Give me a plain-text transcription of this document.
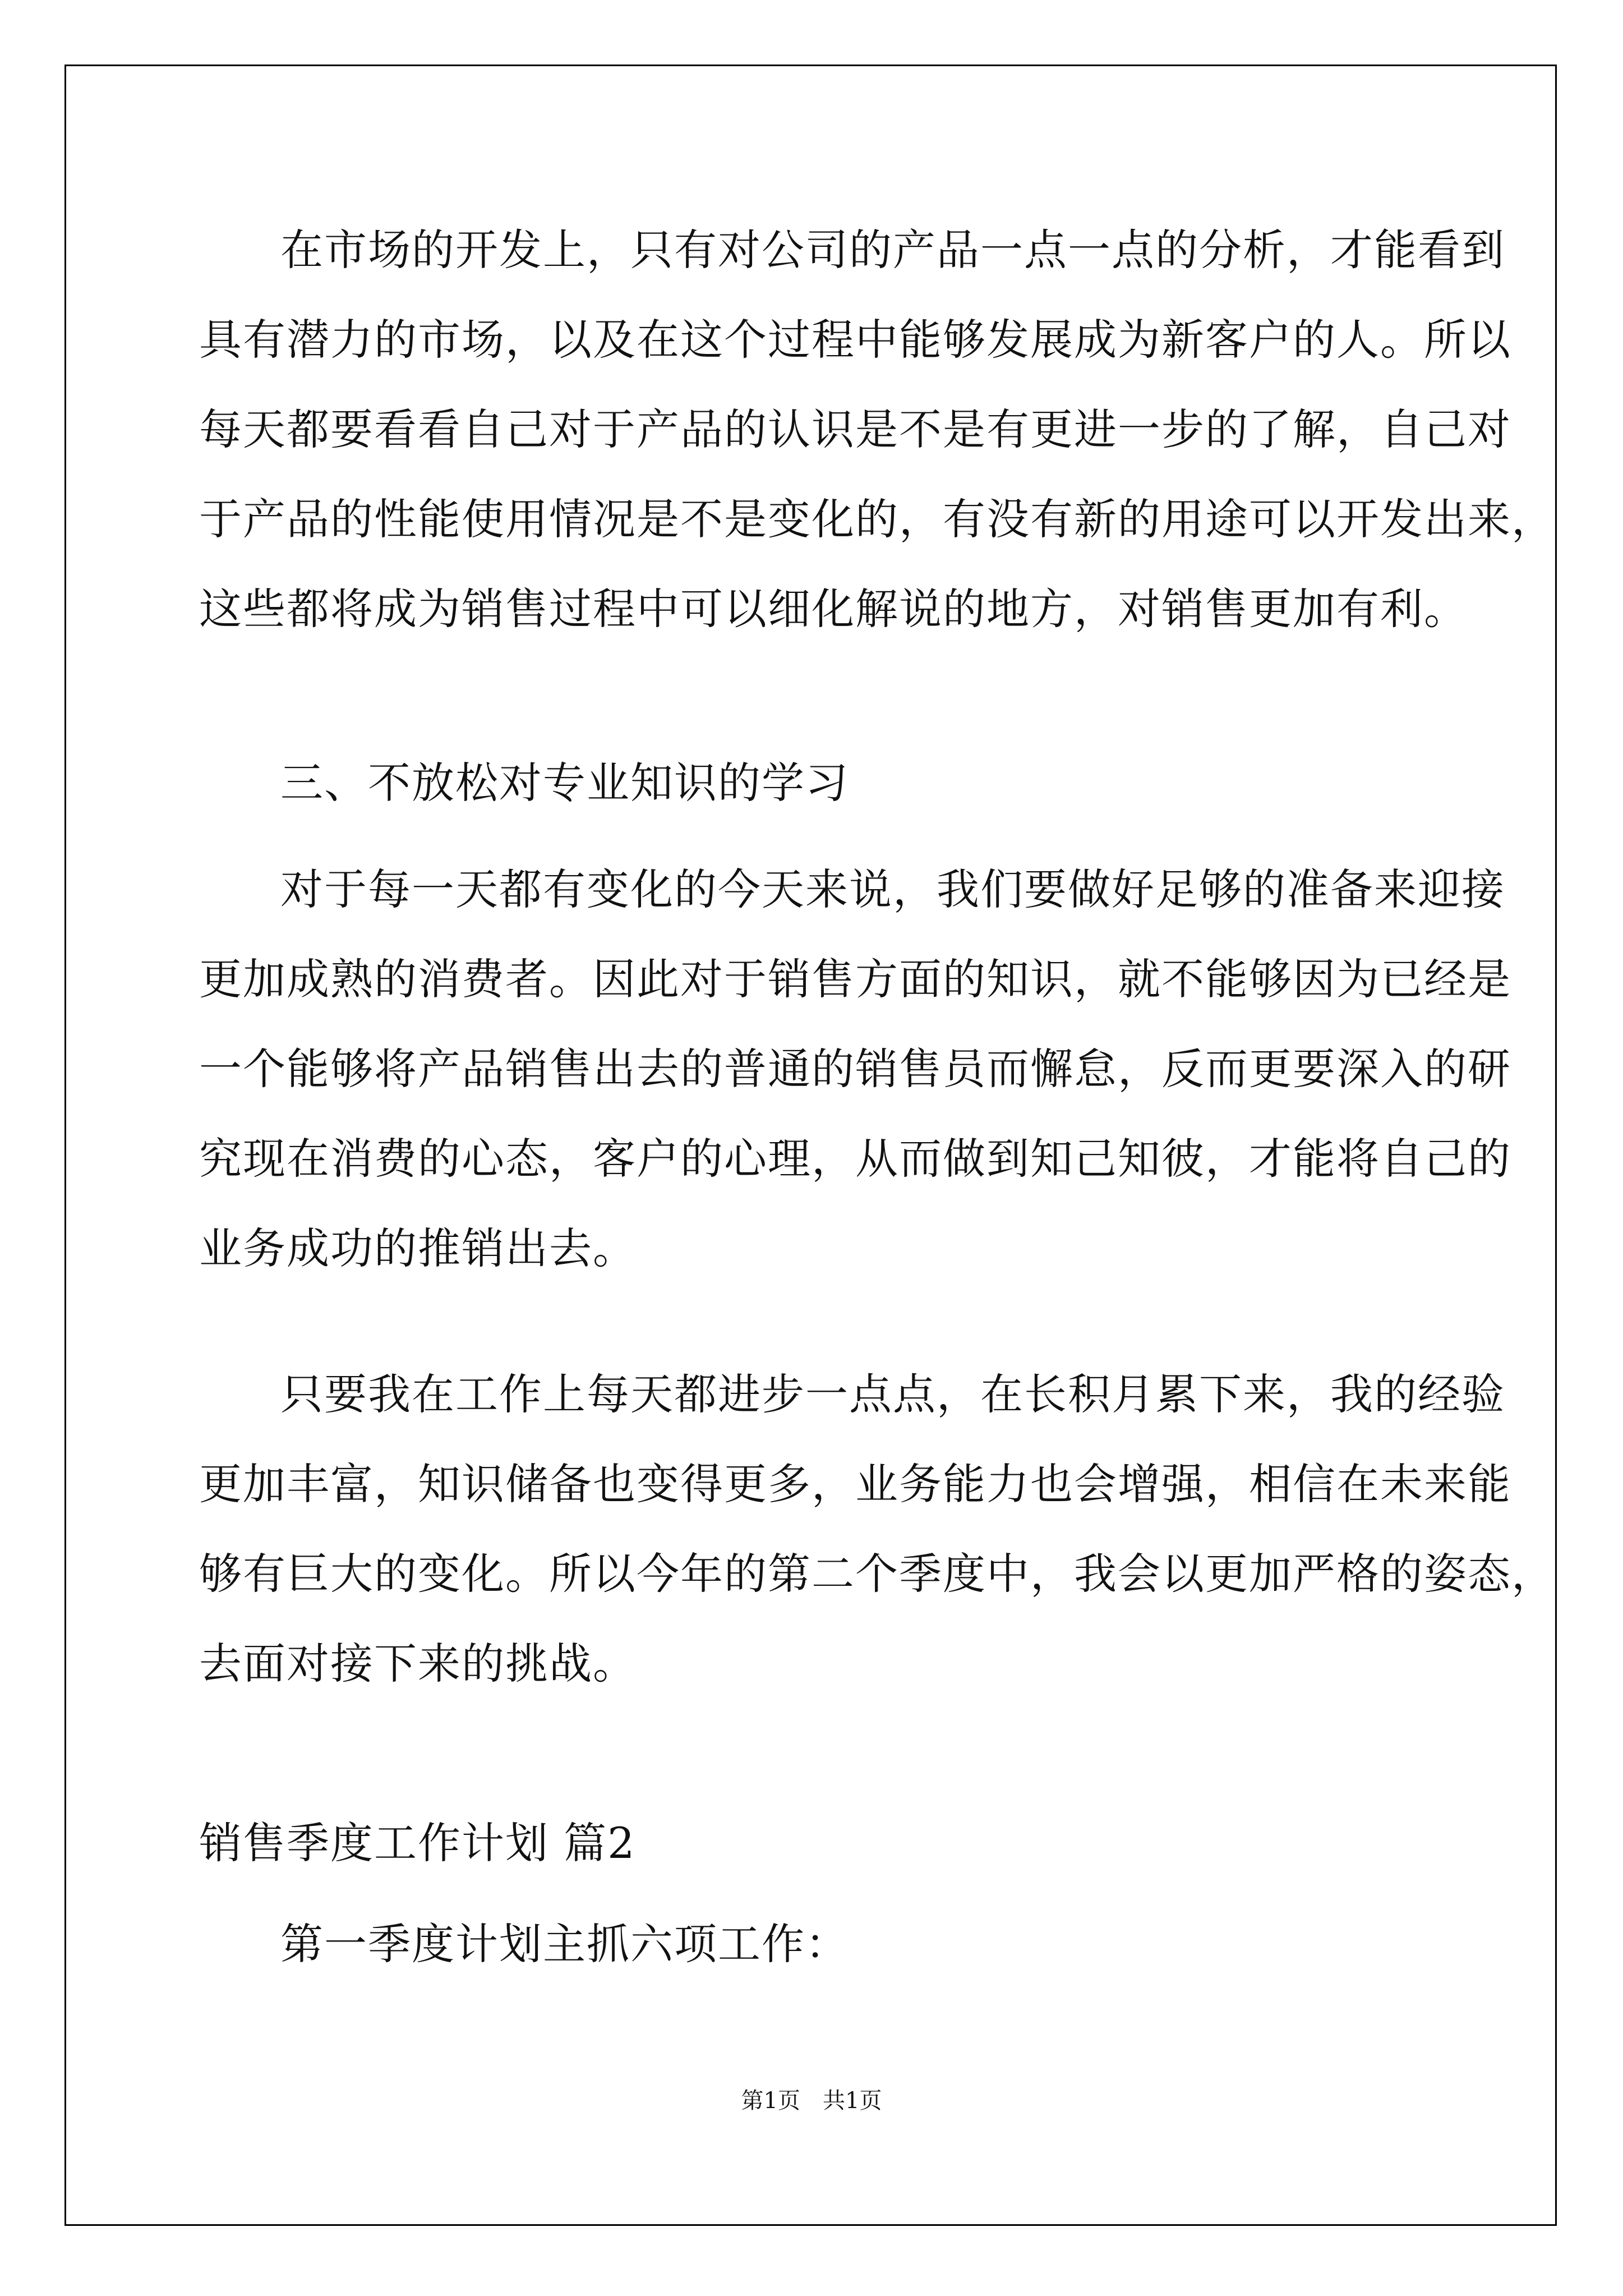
在市场的开发上，只有对公司的产品一点一点的分析，才能看到

具有潜力的市场，以及在这个过程中能够发展成为新客户的人。所以

每天都要看看自己对于产品的认识是不是有更进一步的了解，自己对

于产品的性能使用情况是不是变化的，有没有新的用途可以开发出来，

这些都将成为销售过程中可以细化解说的地方，对销售更加有利。

三、不放松对专业知识的学习

对于每一天都有变化的今天来说，我们要做好足够的准备来迎接

更加成熟的消费者。因此对于销售方面的知识，就不能够因为已经是

一个能够将产品销售出去的普通的销售员而懈怠，反而更要深入的研

究现在消费的心态，客户的心理，从而做到知己知彼，才能将自己的

业务成功的推销出去。

只要我在工作上每天都进步一点点，在长积月累下来，我的经验

更加丰富，知识储备也变得更多，业务能力也会增强，相信在未来能

够有巨大的变化。所以今年的第二个季度中，我会以更加严格的姿态，

去面对接下来的挑战。

销售季度工作计划 篇2

第一季度计划主抓六项工作：

第1页 共1页
